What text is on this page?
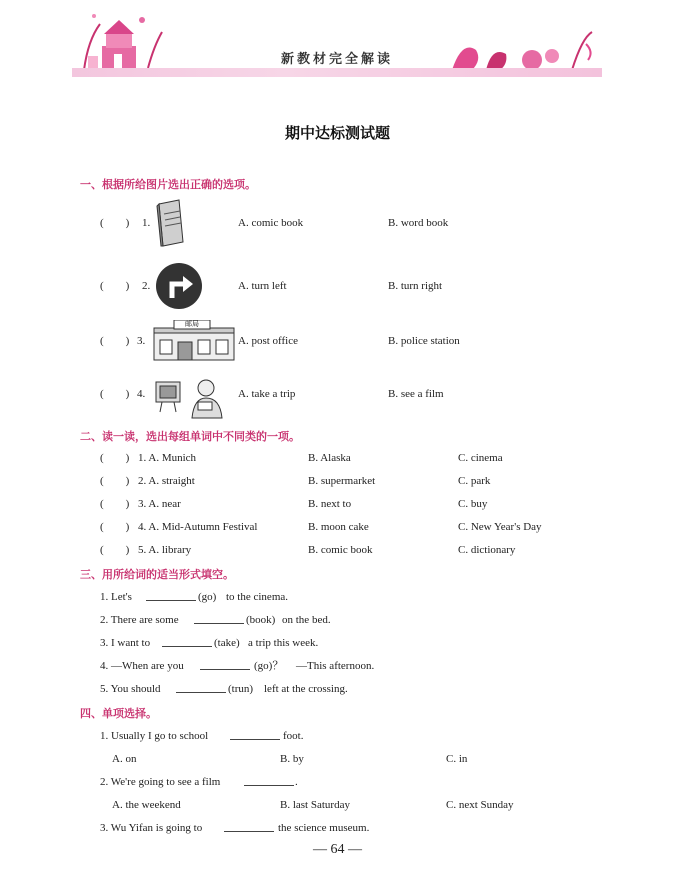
新教材完全解读
期中达标测试题
一、根据所给图片选出正确的选项。
(　　) 1.	A. comic book	B. word book
(　　) 2.	A. turn left	B. turn right
(　　) 3.	A. post office	B. police station
邮局
(　　) 4.	A. take a trip	B. see a film
二、读一读，选出每组单词中不同类的一项。
(　　) 1. A. Munich	B. Alaska	C. cinema
(　　) 2. A. straight	B. supermarket	C. park
(　　) 3. A. near	B. next to	C. buy
(　　) 4. A. Mid-Autumn Festival	B. moon cake	C. New Year's Day
(　　) 5. A. library	B. comic book	C. dictionary
三、用所给词的适当形式填空。
1. Let's	(go) to the cinema.
2. There are some	(book) on the bed.
3. I want to	(take) a trip this week.
4. —When are you	(go)？ —This afternoon.
5. You should	(trun) left at the crossing.
四、单项选择。
1. Usually I go to school	foot.
A. on	B. by	C. in
2. We're going to see a film	.
A. the weekend	B. last Saturday	C. next Sunday
3. Wu Yifan is going to	the science museum.
— 64 —
